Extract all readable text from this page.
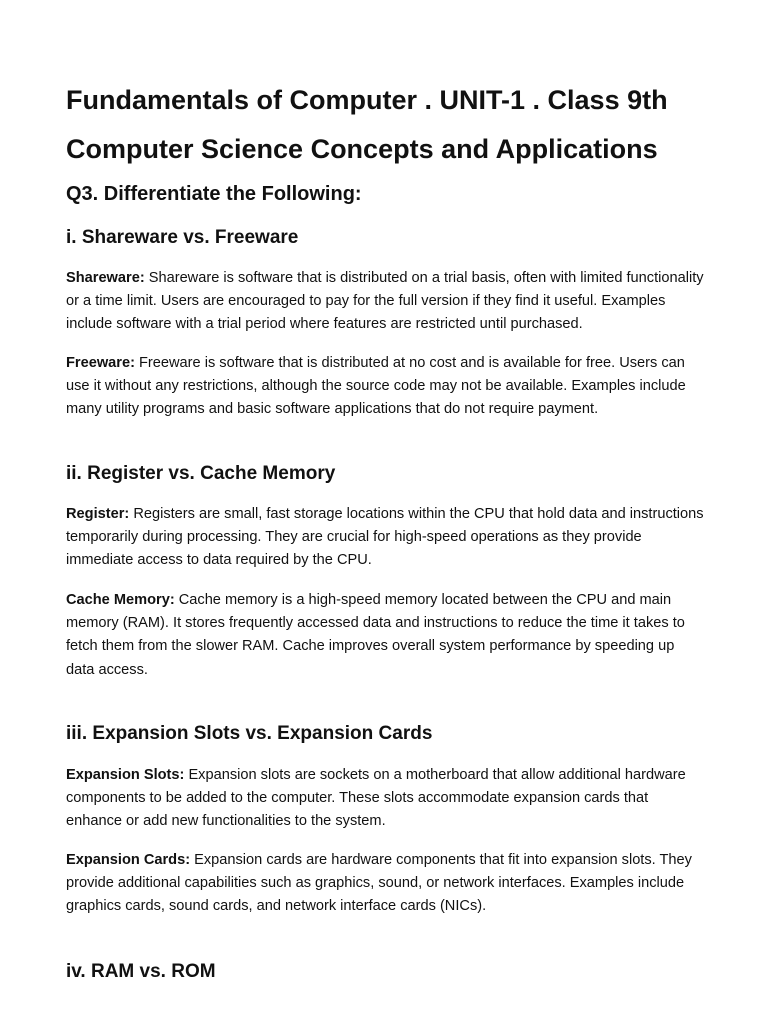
Fundamentals of Computer . UNIT-1 . Class 9th
Computer Science Concepts and Applications
Q3. Differentiate the Following:
i. Shareware vs. Freeware

Shareware: Shareware is software that is distributed on a trial basis, often with limited functionality or a time limit. Users are encouraged to pay for the full version if they find it useful. Examples include software with a trial period where features are restricted until purchased.

Freeware: Freeware is software that is distributed at no cost and is available for free. Users can use it without any restrictions, although the source code may not be available. Examples include many utility programs and basic software applications that do not require payment.

ii. Register vs. Cache Memory

Register: Registers are small, fast storage locations within the CPU that hold data and instructions temporarily during processing. They are crucial for high-speed operations as they provide immediate access to data required by the CPU.

Cache Memory: Cache memory is a high-speed memory located between the CPU and main memory (RAM). It stores frequently accessed data and instructions to reduce the time it takes to fetch them from the slower RAM. Cache improves overall system performance by speeding up data access.

iii. Expansion Slots vs. Expansion Cards

Expansion Slots: Expansion slots are sockets on a motherboard that allow additional hardware components to be added to the computer. These slots accommodate expansion cards that enhance or add new functionalities to the system.

Expansion Cards: Expansion cards are hardware components that fit into expansion slots. They provide additional capabilities such as graphics, sound, or network interfaces. Examples include graphics cards, sound cards, and network interface cards (NICs).

iv. RAM vs. ROM
